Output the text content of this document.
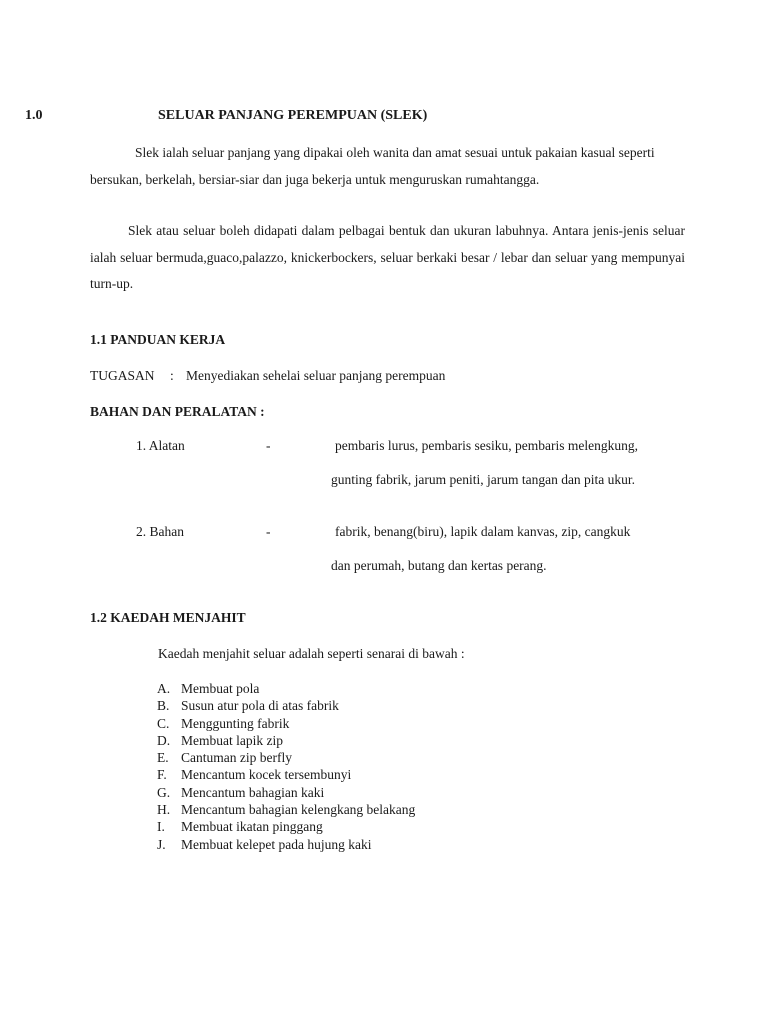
1.0	SELUAR PANJANG PEREMPUAN (SLEK)
Slek ialah seluar panjang yang dipakai oleh wanita dan amat sesuai untuk pakaian kasual seperti bersukan, berkelah, bersiar-siar dan juga bekerja untuk menguruskan rumahtangga.
Slek atau seluar boleh didapati dalam pelbagai bentuk dan ukuran labuhnya. Antara jenis-jenis seluar ialah seluar bermuda,guaco,palazzo, knickerbockers, seluar berkaki besar / lebar dan seluar yang mempunyai turn-up.
1.1 PANDUAN KERJA
TUGASAN : Menyediakan sehelai seluar panjang perempuan
BAHAN DAN PERALATAN :
1. Alatan	-	pembaris lurus, pembaris sesiku, pembaris melengkung,
gunting fabrik, jarum peniti, jarum tangan dan pita ukur.
2. Bahan	-	fabrik, benang(biru), lapik dalam kanvas, zip, cangkuk
dan perumah, butang dan kertas perang.
1.2 KAEDAH MENJAHIT
Kaedah menjahit seluar adalah seperti senarai di bawah :
A. Membuat pola
B. Susun atur pola di atas fabrik
C. Menggunting fabrik
D. Membuat lapik zip
E. Cantuman zip berfly
F. Mencantum kocek tersembunyi
G. Mencantum bahagian kaki
H. Mencantum bahagian kelengkang belakang
I. Membuat ikatan pinggang
J. Membuat kelepet pada hujung kaki
